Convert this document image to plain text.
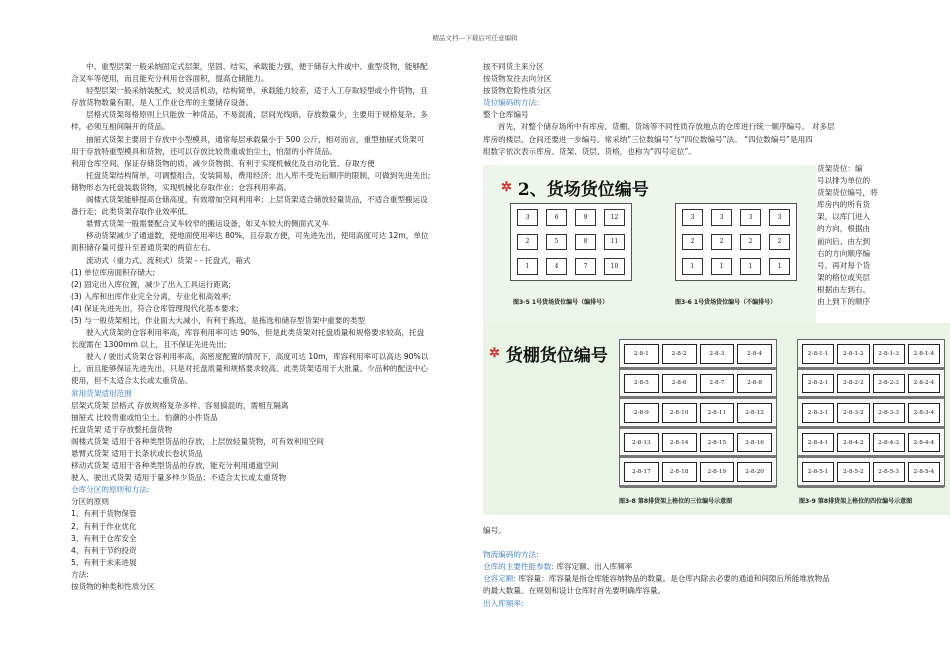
精品文档---下载后可任意编辑
中、重型层架一般采纳固定式层架，坚固、结实，承载能力强，便于储存大件或中、重型货物，能够配
合叉车等使用，而且能充分利用仓容面积，提高仓储能力。
轻型层架一般采纳装配式，较灵活机动，结构简单，承载能力较差，适于人工存取轻型或小件货物，且
存放货物数量有限，是人工作业仓库的主要储存设备。
层格式货架每格原则上只能放一种货品，不易混淆，层间光线暗，存放数量少，主要用于规格复杂、多
样，必须互相间隔开的货品。
抽屉式货架主要用于存放中小型模具，通常每层承载量小于 500 公斤，相对而言，重型抽屉式货架可
用于存放特重型模具和货物，还可以存放比较贵重或怕尘土，怕湿的小件货品。
利用仓库空间、保证存储货物的质、减少货物损、有利于实现机械化及自动化管、存取方便
托盘货架结构简单，可调整组合，安装简易，费用经济；出入库不受先后顺序的限制，可做到先进先出;
储物形态为托盘装载货物，实现机械化存取作业；仓容利用率高。
阁楼式货架能够提高仓储高度，有效增加空间利用率；上层货架适合储放轻量货品，不适合重型搬运设
备行走；此类货架存取作业效率低。
悬臂式货架一般需要配合叉车较窄的搬运设备，如叉车较大的侧面式叉车
移动货架减少了通道数，使地面使用率达 80%，且存取方便，可先进先出，使用高度可达 12m，单位
面积储存量可提升至普通货架的两倍左右。
流动式（重力式、流利式）货架 - - 托盘式，箱式
(1) 单位库房面积存储大;
(2) 固定出入库位置，减少了出入工具运行距离;
(3) 入库和出库作业完全分离，专业化和高效率;
(4) 保证先进先出，符合仓库管理现代化基本要求;
(5) 与一般货架相比，作业面大大减小，有利于拣选，是拣选和储存型货架中重要的类型
驶入式货架的仓容利用率高，库容利用率可达 90%，但是此类货架对托盘质量和规格要求较高，托盘
长度需在 1300mm 以上，且不保证先进先出;
驶入 / 驶出式货架仓容利用率高，高密度配置的情况下，高度可达 10m，库容利用率可以高达 90%以
上，而且能够保证先进先出，只是对托盘质量和规格要求较高。此类货架适用于大批量、少品种的配送中心
使用，但不太适合太长或太重货品。
常用货架适用范围
层架式货架 层格式 存放规格复杂多样、容易搞混的，需相互隔离
抽屉式 比较贵重或怕尘土、怕潮的小件货品
托盘货架 适于存放整托盘货物
阁楼式货架 适用于各种类型货品的存放，上层放轻量货物，可有效利用空间
悬臂式货架 适用于长条状或长卷状货品
移动式货架 适用于各种类型货品的存放，能充分利用通道空间
驶入、驶出式货架 适用于量多样少货品；不适合太长或太重货物
仓库分区的原则和方法:
分区的原则
1、有利于货物保管
2、有利于作业优化
3、有利于仓库安全
4、有利于节约投资
5、有利于未来进展
方法:
按货物的种类和性质分区
按不同货主来分区
按货物发往去向分区
按货物危险性质分区
货位编码的方法:
整个仓库编号
首先，对整个储存场所中有库房、货棚、货场等不同性质存放地点的仓库进行统一顺序编号。 对多层
库房的楼层、仓间还要进一步编号。常采纳“三位数编号”与“四位数编号”法。 “四位数编号”是用四
组数字依次表示库房、货架、货层、货格，也称为“四号定位”。
货架货位：编
号以排为单位的
货架货位编号，将
库房内的所有货
架，以库门进入
的方向，根据由
前向后、由左到
右的方向顺序编
号，再对每个货
架的格位或夹层
根据由左到右、
由上到下的顺序
✲ 2、货场货位编号
3	6	9	12
2	5	8	11
1	4	7	10
3	3	3	3
2	2	2	2
1	1	1	1
图3-5 1号货场货位编号（编排号）	图3-6 1号货场货位编号（不编排号）
✲ 货棚货位编号	2-8-1	2-8-2	2-8-3	2-8-4
2-8-5	2-8-6	2-8-7	2-8-8
2-8-9	2-8-10	2-8-11	2-8-12
2-8-13	2-8-14	2-8-15	2-8-16
2-8-17	2-8-18	2-8-19	2-8-20
2-8-1-1	2-8-1-2	2-8-1-3	2-8-1-4
2-8-2-1	2-8-2-2	2-8-2-3	2-8-2-4
2-8-3-1	2-8-3-2	2-8-3-3	2-8-3-4
2-8-4-1	2-8-4-2	2-8-4-3	2-8-4-4
2-8-5-1	2-8-5-2	2-8-5-3	2-8-5-4
图3-8 第8排货架上格位的三位编号示意图	图3-9 第8排货架上格位的四位编号示意图
编号。

物流编码的方法:
仓库的主要性能参数: 库容定额、出入库频率
仓容定额: 库容量：库容量是指仓库能容纳物品的数量。是仓库内除去必要的通道和间隙后所能堆放物品
的最大数量。在规划和设计仓库时首先要明确库容量。
出入库频率:
